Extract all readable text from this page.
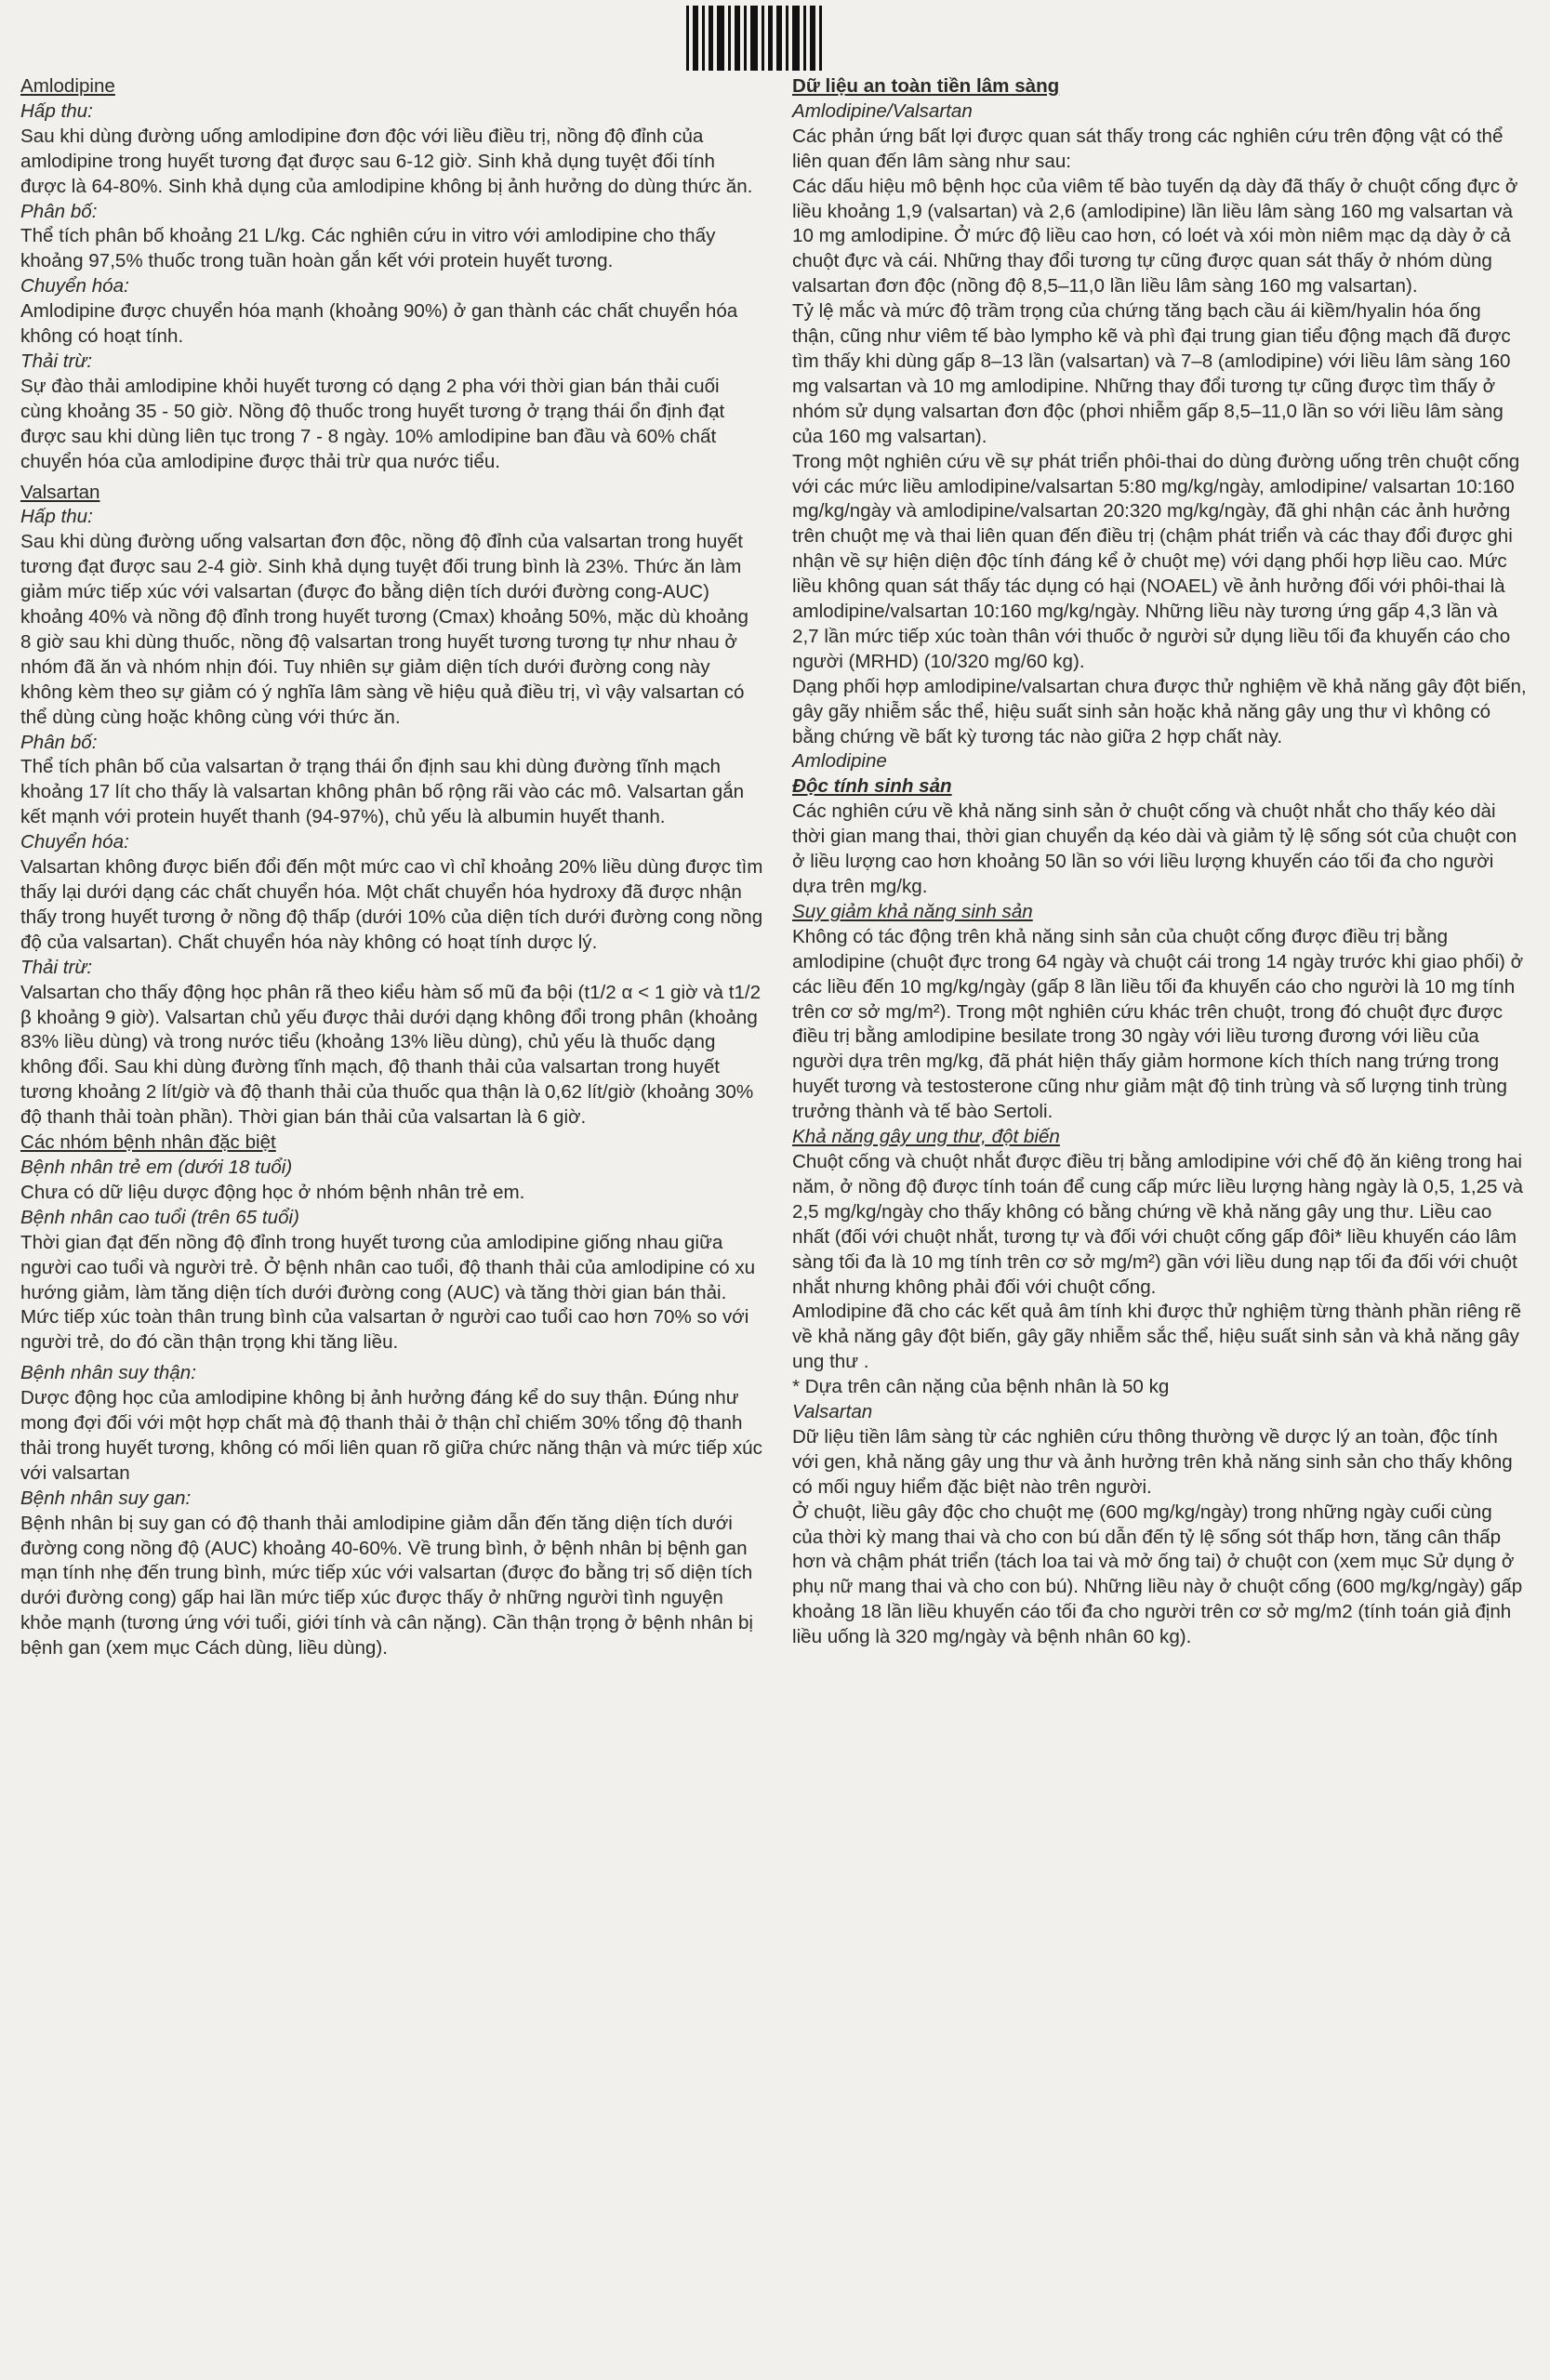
Amlodipine

Hấp thu:

Sau khi dùng đường uống amlodipine đơn độc với liều điều trị, nồng độ đỉnh của amlodipine trong huyết tương đạt được sau 6-12 giờ. Sinh khả dụng tuyệt đối tính được là 64-80%. Sinh khả dụng của amlodipine không bị ảnh hưởng do dùng thức ăn.

Phân bố:

Thể tích phân bố khoảng 21 L/kg. Các nghiên cứu in vitro với amlodipine cho thấy khoảng 97,5% thuốc trong tuần hoàn gắn kết với protein huyết tương.

Chuyển hóa:

Amlodipine được chuyển hóa mạnh (khoảng 90%) ở gan thành các chất chuyển hóa không có hoạt tính.

Thải trừ:

Sự đào thải amlodipine khỏi huyết tương có dạng 2 pha với thời gian bán thải cuối cùng khoảng 35 - 50 giờ. Nồng độ thuốc trong huyết tương ở trạng thái ổn định đạt được sau khi dùng liên tục trong 7 - 8 ngày. 10% amlodipine ban đầu và 60% chất chuyển hóa của amlodipine được thải trừ qua nước tiểu.

Valsartan

Hấp thu:

Sau khi dùng đường uống valsartan đơn độc, nồng độ đỉnh của valsartan trong huyết tương đạt được sau 2-4 giờ. Sinh khả dụng tuyệt đối trung bình là 23%. Thức ăn làm giảm mức tiếp xúc với valsartan (được đo bằng diện tích dưới đường cong-AUC) khoảng 40% và nồng độ đỉnh trong huyết tương (Cmax) khoảng 50%, mặc dù khoảng 8 giờ sau khi dùng thuốc, nồng độ valsartan trong huyết tương tương tự như nhau ở nhóm đã ăn và nhóm nhịn đói. Tuy nhiên sự giảm diện tích dưới đường cong này không kèm theo sự giảm có ý nghĩa lâm sàng về hiệu quả điều trị, vì vậy valsartan có thể dùng cùng hoặc không cùng với thức ăn.

Phân bố:

Thể tích phân bố của valsartan ở trạng thái ổn định sau khi dùng đường tĩnh mạch khoảng 17 lít cho thấy là valsartan không phân bố rộng rãi vào các mô. Valsartan gắn kết mạnh với protein huyết thanh (94-97%), chủ yếu là albumin huyết thanh.

Chuyển hóa:

Valsartan không được biến đổi đến một mức cao vì chỉ khoảng 20% liều dùng được tìm thấy lại dưới dạng các chất chuyển hóa. Một chất chuyển hóa hydroxy đã được nhận thấy trong huyết tương ở nồng độ thấp (dưới 10% của diện tích dưới đường cong nồng độ của valsartan). Chất chuyển hóa này không có hoạt tính dược lý.

Thải trừ:

Valsartan cho thấy động học phân rã theo kiểu hàm số mũ đa bội (t1/2 α < 1 giờ và t1/2 β khoảng 9 giờ). Valsartan chủ yếu được thải dưới dạng không đổi trong phân (khoảng 83% liều dùng) và trong nước tiểu (khoảng 13% liều dùng), chủ yếu là thuốc dạng không đổi. Sau khi dùng đường tĩnh mạch, độ thanh thải của valsartan trong huyết tương khoảng 2 lít/giờ và độ thanh thải của thuốc qua thận là 0,62 lít/giờ (khoảng 30% độ thanh thải toàn phần). Thời gian bán thải của valsartan là 6 giờ.

Các nhóm bệnh nhân đặc biệt

Bệnh nhân trẻ em (dưới 18 tuổi)

Chưa có dữ liệu dược động học ở nhóm bệnh nhân trẻ em.

Bệnh nhân cao tuổi (trên 65 tuổi)

Thời gian đạt đến nồng độ đỉnh trong huyết tương của amlodipine giống nhau giữa người cao tuổi và người trẻ. Ở bệnh nhân cao tuổi, độ thanh thải của amlodipine có xu hướng giảm, làm tăng diện tích dưới đường cong (AUC) và tăng thời gian bán thải.

Mức tiếp xúc toàn thân trung bình của valsartan ở người cao tuổi cao hơn 70% so với người trẻ, do đó cần thận trọng khi tăng liều.

Bệnh nhân suy thận:

Dược động học của amlodipine không bị ảnh hưởng đáng kể do suy thận. Đúng như mong đợi đối với một hợp chất mà độ thanh thải ở thận chỉ chiếm 30% tổng độ thanh thải trong huyết tương, không có mối liên quan rõ giữa chức năng thận và mức tiếp xúc với valsartan

Bệnh nhân suy gan:

Bệnh nhân bị suy gan có độ thanh thải amlodipine giảm dẫn đến tăng diện tích dưới đường cong nồng độ (AUC) khoảng 40-60%. Về trung bình, ở bệnh nhân bị bệnh gan mạn tính nhẹ đến trung bình, mức tiếp xúc với valsartan (được đo bằng trị số diện tích dưới đường cong) gấp hai lần mức tiếp xúc được thấy ở những người tình nguyện khỏe mạnh (tương ứng với tuổi, giới tính và cân nặng). Cần thận trọng ở bệnh nhân bị bệnh gan (xem mục Cách dùng, liều dùng).

Dữ liệu an toàn tiền lâm sàng

Amlodipine/Valsartan

Các phản ứng bất lợi được quan sát thấy trong các nghiên cứu trên động vật có thể liên quan đến lâm sàng như sau:

Các dấu hiệu mô bệnh học của viêm tế bào tuyến dạ dày đã thấy ở chuột cống đực ở liều khoảng 1,9 (valsartan) và 2,6 (amlodipine) lần liều lâm sàng 160 mg valsartan và 10 mg amlodipine. Ở mức độ liều cao hơn, có loét và xói mòn niêm mạc dạ dày ở cả chuột đực và cái. Những thay đổi tương tự cũng được quan sát thấy ở nhóm dùng valsartan đơn độc (nồng độ 8,5–11,0 lần liều lâm sàng 160 mg valsartan).

Tỷ lệ mắc và mức độ trầm trọng của chứng tăng bạch cầu ái kiềm/hyalin hóa ống thận, cũng như viêm tế bào lympho kẽ và phì đại trung gian tiểu động mạch đã được tìm thấy khi dùng gấp 8–13 lần (valsartan) và 7–8 (amlodipine) với liều lâm sàng 160 mg valsartan và 10 mg amlodipine. Những thay đổi tương tự cũng được tìm thấy ở nhóm sử dụng valsartan đơn độc (phơi nhiễm gấp 8,5–11,0 lần so với liều lâm sàng của 160 mg valsartan).

Trong một nghiên cứu về sự phát triển phôi-thai do dùng đường uống trên chuột cống với các mức liều amlodipine/valsartan 5:80 mg/kg/ngày, amlodipine/ valsartan 10:160 mg/kg/ngày và amlodipine/valsartan 20:320 mg/kg/ngày, đã ghi nhận các ảnh hưởng trên chuột mẹ và thai liên quan đến điều trị (chậm phát triển và các thay đổi được ghi nhận về sự hiện diện độc tính đáng kể ở chuột mẹ) với dạng phối hợp liều cao. Mức liều không quan sát thấy tác dụng có hại (NOAEL) về ảnh hưởng đối với phôi-thai là amlodipine/valsartan 10:160 mg/kg/ngày. Những liều này tương ứng gấp 4,3 lần và 2,7 lần mức tiếp xúc toàn thân với thuốc ở người sử dụng liều tối đa khuyến cáo cho người (MRHD) (10/320 mg/60 kg).

Dạng phối hợp amlodipine/valsartan chưa được thử nghiệm về khả năng gây đột biến, gây gãy nhiễm sắc thể, hiệu suất sinh sản hoặc khả năng gây ung thư vì không có bằng chứng về bất kỳ tương tác nào giữa 2 hợp chất này.

Amlodipine

Độc tính sinh sản

Các nghiên cứu về khả năng sinh sản ở chuột cống và chuột nhắt cho thấy kéo dài thời gian mang thai, thời gian chuyển dạ kéo dài và giảm tỷ lệ sống sót của chuột con ở liều lượng cao hơn khoảng 50 lần so với liều lượng khuyến cáo tối đa cho người dựa trên mg/kg.

Suy giảm khả năng sinh sản

Không có tác động trên khả năng sinh sản của chuột cống được điều trị bằng amlodipine (chuột đực trong 64 ngày và chuột cái trong 14 ngày trước khi giao phối) ở các liều đến 10 mg/kg/ngày (gấp 8 lần liều tối đa khuyến cáo cho người là 10 mg tính trên cơ sở mg/m²). Trong một nghiên cứu khác trên chuột, trong đó chuột đực được điều trị bằng amlodipine besilate trong 30 ngày với liều tương đương với liều của người dựa trên mg/kg, đã phát hiện thấy giảm hormone kích thích nang trứng trong huyết tương và testosterone cũng như giảm mật độ tinh trùng và số lượng tinh trùng trưởng thành và tế bào Sertoli.

Khả năng gây ung thư, đột biến

Chuột cống và chuột nhắt được điều trị bằng amlodipine với chế độ ăn kiêng trong hai năm, ở nồng độ được tính toán để cung cấp mức liều lượng hàng ngày là 0,5, 1,25 và 2,5 mg/kg/ngày cho thấy không có bằng chứng về khả năng gây ung thư. Liều cao nhất (đối với chuột nhắt, tương tự và đối với chuột cống gấp đôi* liều khuyến cáo lâm sàng tối đa là 10 mg tính trên cơ sở mg/m²) gần với liều dung nạp tối đa đối với chuột nhắt nhưng không phải đối với chuột cống.

Amlodipine đã cho các kết quả âm tính khi được thử nghiệm từng thành phần riêng rẽ về khả năng gây đột biến, gây gãy nhiễm sắc thể, hiệu suất sinh sản và khả năng gây ung thư .

* Dựa trên cân nặng của bệnh nhân là 50 kg

Valsartan

Dữ liệu tiền lâm sàng từ các nghiên cứu thông thường về dược lý an toàn, độc tính với gen, khả năng gây ung thư và ảnh hưởng trên khả năng sinh sản cho thấy không có mối nguy hiểm đặc biệt nào trên người.

Ở chuột, liều gây độc cho chuột mẹ (600 mg/kg/ngày) trong những ngày cuối cùng của thời kỳ mang thai và cho con bú dẫn đến tỷ lệ sống sót thấp hơn, tăng cân thấp hơn và chậm phát triển (tách loa tai và mở ống tai) ở chuột con (xem mục Sử dụng ở phụ nữ mang thai và cho con bú). Những liều này ở chuột cống (600 mg/kg/ngày) gấp khoảng 18 lần liều khuyến cáo tối đa cho người trên cơ sở mg/m2 (tính toán giả định liều uống là 320 mg/ngày và bệnh nhân 60 kg).
